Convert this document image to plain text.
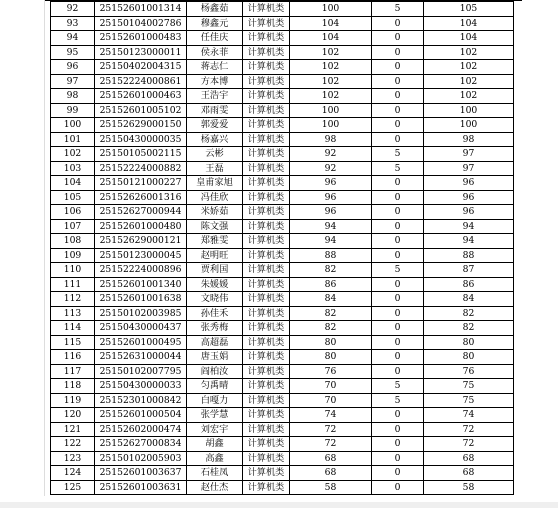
92	25152601001314	杨鑫茹	计算机类	100	5	105
93	25150104002786	穆鑫元	计算机类	104	0	104
94	25152601000483	任佳庆	计算机类	104	0	104
95	25150123000011	侯永菲	计算机类	102	0	102
96	25150402004315	蒋志仁	计算机类	102	0	102
97	25152224000861	方本博	计算机类	102	0	102
98	25152601000463	王浩宇	计算机类	102	0	102
99	25152601005102	邓雨雯	计算机类	100	0	100
100	25152629000150	郭爱爱	计算机类	100	0	100
101	25150430000035	杨嘉兴	计算机类	98	0	98
102	25150105002115	云彬	计算机类	92	5	97
103	25152224000882	王磊	计算机类	92	5	97
104	25150121000227	皇甫家旭	计算机类	96	0	96
105	25152626001316	冯佳欣	计算机类	96	0	96
106	25152627000944	米娇茹	计算机类	96	0	96
107	25152601000480	陈文强	计算机类	94	0	94
108	25152629000121	郑雅雯	计算机类	94	0	94
109	25150123000045	赵明旺	计算机类	88	0	88
110	25152224000896	贾利国	计算机类	82	5	87
111	25152601001340	朱媛媛	计算机类	86	0	86
112	25152601001638	文晓伟	计算机类	84	0	84
113	25150102003985	孙佳禾	计算机类	82	0	82
114	25150430000437	张秀梅	计算机类	82	0	82
115	25152601000495	高超磊	计算机类	80	0	80
116	25152631000044	唐玉娟	计算机类	80	0	80
117	25150102007795	阎柏汝	计算机类	76	0	76
118	25150430000033	匀禹晴	计算机类	70	5	75
119	25152301000842	白嘎力	计算机类	70	5	75
120	25152601000504	张学慧	计算机类	74	0	74
121	25152602000474	刘宏宇	计算机类	72	0	72
122	25152627000834	胡鑫	计算机类	72	0	72
123	25150102005903	高鑫	计算机类	68	0	68
124	25152601003637	石桂凤	计算机类	68	0	68
125	25152601003631	赵仕杰	计算机类	58	0	58
